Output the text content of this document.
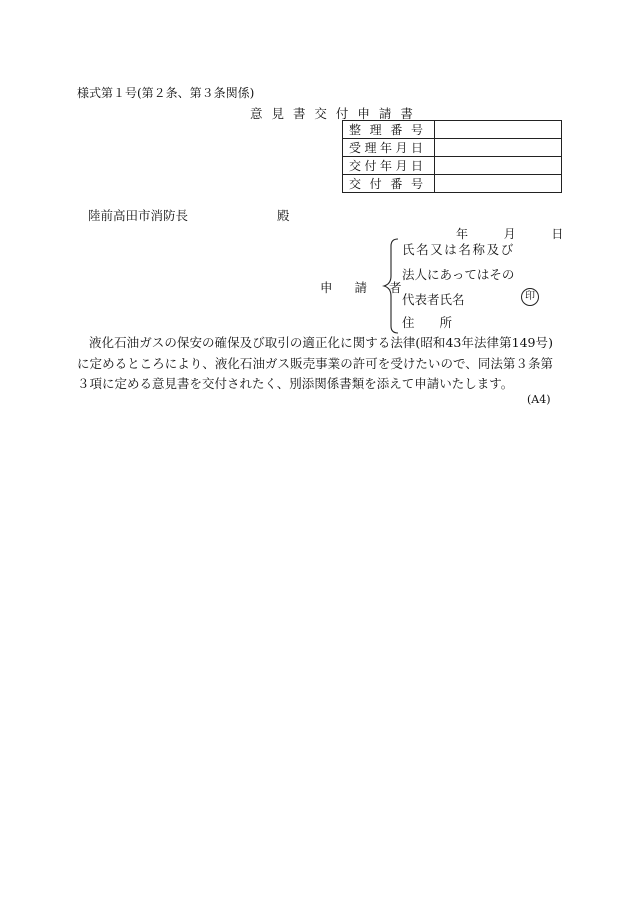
様式第１号(第２条、第３条関係)
意 見 書 交 付 申 請 書
整 理 番 号	

受 理 年 月 日	

交 付 年 月 日	

交 付 番 号	

陸前高田市消防長	殿
年	月	日
申 請 者
氏名又は名称及び
法人にあってはその
代表者氏名
住　　所
印
液化石油ガスの保安の確保及び取引の適正化に関する法律(昭和43年法律第149号)に定めるところにより、液化石油ガス販売事業の許可を受けたいので、同法第３条第３項に定める意見書を交付されたく、別添関係書類を添えて申請いたします。
(A4)
